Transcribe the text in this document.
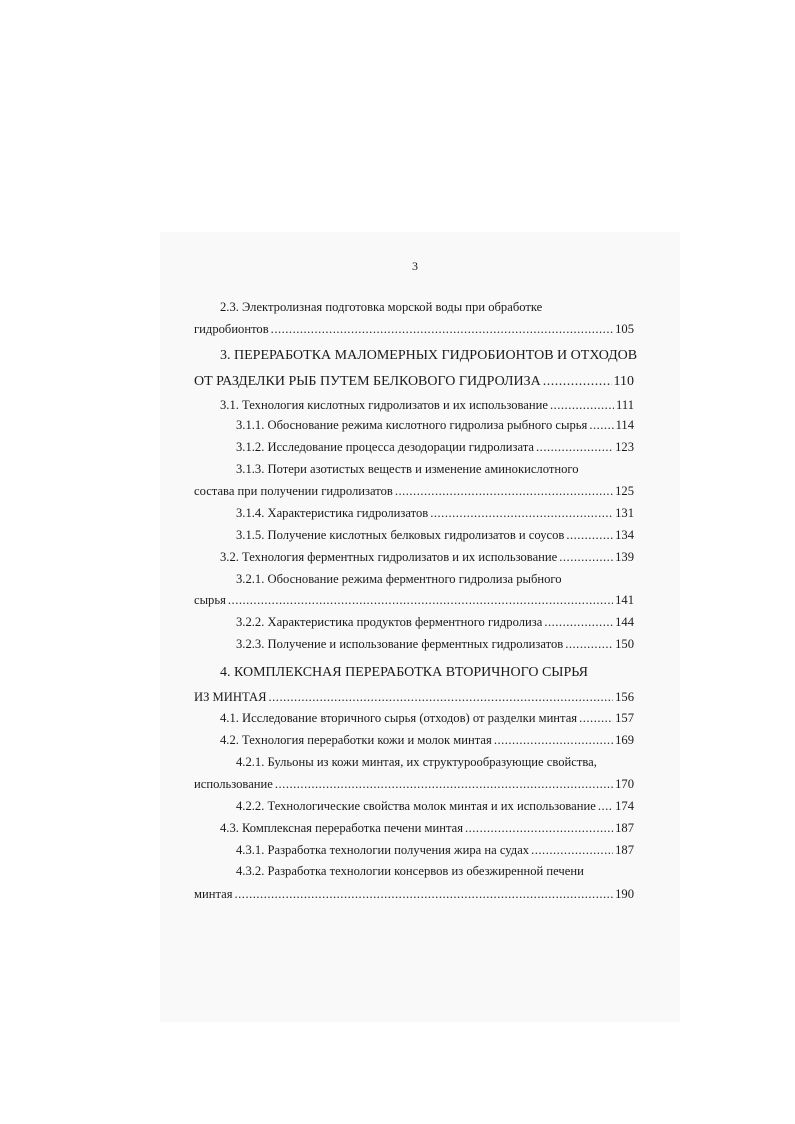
3
2.3. Электролизная подготовка морской воды при обработке
гидробионтов .....	105
3. ПЕРЕРАБОТКА МАЛОМЕРНЫХ ГИДРОБИОНТОВ И ОТХОДОВ
ОТ РАЗДЕЛКИ РЫБ ПУТЕМ БЕЛКОВОГО ГИДРОЛИЗА .....	110
3.1. Технология кислотных гидролизатов и их использование .....	111
3.1.1. Обоснование режима кислотного гидролиза рыбного сырья ..... 114
3.1.2. Исследование процесса дезодорации гидролизата .....	123
3.1.3. Потери азотистых веществ и изменение аминокислотного
состава при получении гидролизатов .....	125
3.1.4. Характеристика гидролизатов .....	131
3.1.5. Получение кислотных белковых гидролизатов и соусов .....	134
3.2. Технология ферментных гидролизатов и их использование .....	139
3.2.1. Обоснование режима ферментного гидролиза рыбного
сырья .....	141
3.2.2. Характеристика продуктов ферментного гидролиза .....	144
3.2.3. Получение и использование ферментных гидролизатов .....	150
4. КОМПЛЕКСНАЯ ПЕРЕРАБОТКА ВТОРИЧНОГО СЫРЬЯ
ИЗ МИНТАЯ .....	156
4.1. Исследование вторичного сырья (отходов) от разделки минтая .....	157
4.2. Технология переработки кожи и молок минтая .....	169
4.2.1. Бульоны из кожи минтая, их структурообразующие свойства,
использование .....	170
4.2.2. Технологические свойства молок минтая и их использование ..... 174
4.3. Комплексная переработка печени минтая .....	187
4.3.1. Разработка технологии получения жира на судах .....	187
4.3.2. Разработка технологии консервов из обезжиренной печени
минтая .....	190
